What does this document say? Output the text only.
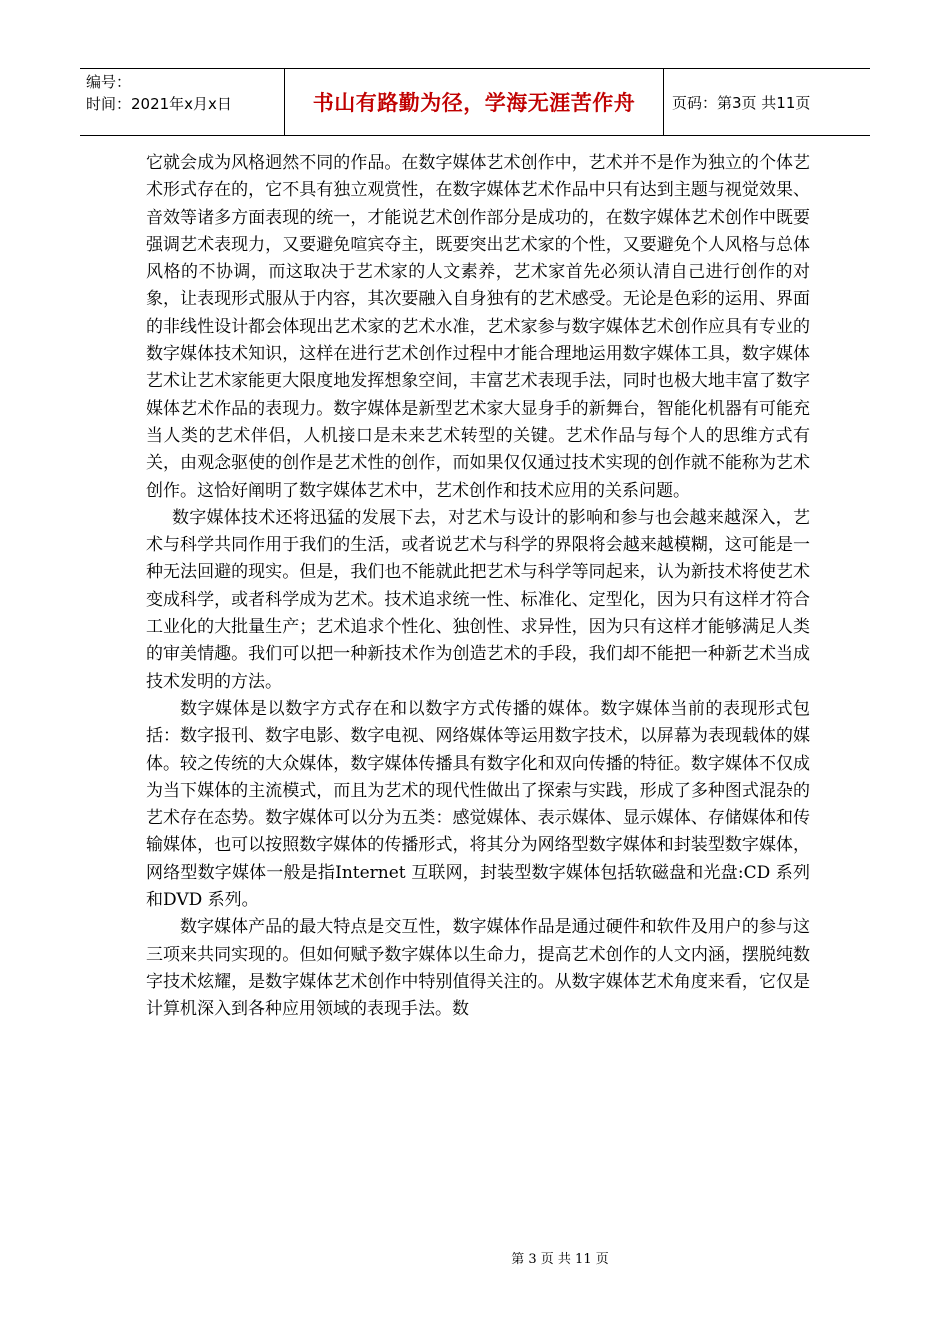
编号：
时间：2021年x月x日	书山有路勤为径，学海无涯苦作舟 页码：第3页 共11页

它就会成为风格迥然不同的作品。在数字媒体艺术创作中，艺术并不是作为独立的个体艺术形式存在的，它不具有独立观赏性，在数字媒体艺术作品中只有达到主题与视觉效果、音效等诸多方面表现的统一，才能说艺术创作部分是成功的，在数字媒体艺术创作中既要强调艺术表现力，又要避免喧宾夺主，既要突出艺术家的个性，又要避免个人风格与总体风格的不协调，而这取决于艺术家的人文素养，艺术家首先必须认清自己进行创作的对象，让表现形式服从于内容，其次要融入自身独有的艺术感受。无论是色彩的运用、界面的非线性设计都会体现出艺术家的艺术水准，艺术家参与数字媒体艺术创作应具有专业的数字媒体技术知识，这样在进行艺术创作过程中才能合理地运用数字媒体工具，数字媒体艺术让艺术家能更大限度地发挥想象空间，丰富艺术表现手法，同时也极大地丰富了数字媒体艺术作品的表现力。数字媒体是新型艺术家大显身手的新舞台，智能化机器有可能充当人类的艺术伴侣，人机接口是未来艺术转型的关键。艺术作品与每个人的思维方式有关，由观念驱使的创作是艺术性的创作，而如果仅仅通过技术实现的创作就不能称为艺术创作。这恰好阐明了数字媒体艺术中，艺术创作和技术应用的关系问题。

数字媒体技术还将迅猛的发展下去，对艺术与设计的影响和参与也会越来越深入，艺术与科学共同作用于我们的生活，或者说艺术与科学的界限将会越来越模糊，这可能是一种无法回避的现实。但是，我们也不能就此把艺术与科学等同起来，认为新技术将使艺术变成科学，或者科学成为艺术。技术追求统一性、标准化、定型化，因为只有这样才符合工业化的大批量生产；艺术追求个性化、独创性、求异性，因为只有这样才能够满足人类的审美情趣。我们可以把一种新技术作为创造艺术的手段，我们却不能把一种新艺术当成技术发明的方法。

数字媒体是以数字方式存在和以数字方式传播的媒体。数字媒体当前的表现形式包括：数字报刊、数字电影、数字电视、网络媒体等运用数字技术，以屏幕为表现载体的媒体。较之传统的大众媒体，数字媒体传播具有数字化和双向传播的特征。数字媒体不仅成为当下媒体的主流模式，而且为艺术的现代性做出了探索与实践，形成了多种图式混杂的艺术存在态势。数字媒体可以分为五类：感觉媒体、表示媒体、显示媒体、存储媒体和传输媒体，也可以按照数字媒体的传播形式，将其分为网络型数字媒体和封装型数字媒体，网络型数字媒体一般是指Internet 互联网，封装型数字媒体包括软磁盘和光盘:CD 系列和DVD 系列。

数字媒体产品的最大特点是交互性，数字媒体作品是通过硬件和软件及用户的参与这三项来共同实现的。但如何赋予数字媒体以生命力，提高艺术创作的人文内涵，摆脱纯数字技术炫耀，是数字媒体艺术创作中特别值得关注的。从数字媒体艺术角度来看，它仅是计算机深入到各种应用领域的表现手法。数

第 3 页 共 11 页
